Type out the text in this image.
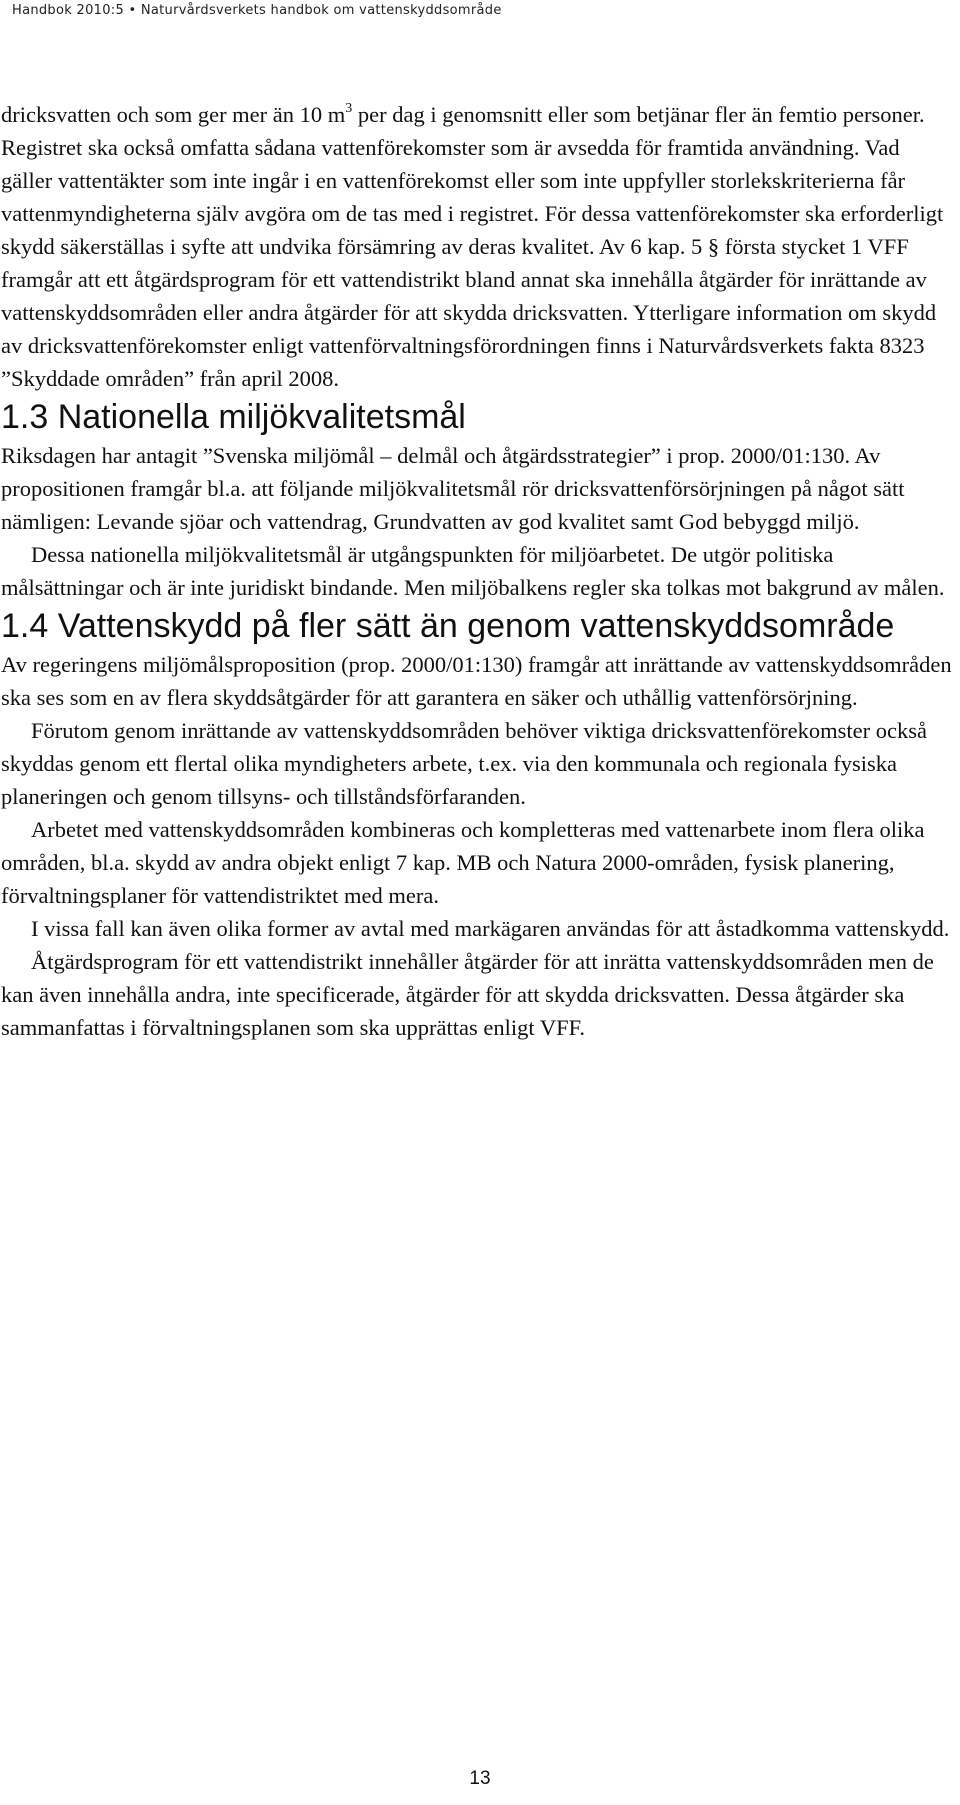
Handbok 2010:5 • Naturvårdsverkets handbok om vattenskyddsområde

dricksvatten och som ger mer än 10 $m^3$ per dag i genomsnitt eller som betjänar fler än femtio personer. Registret ska också omfatta sådana vattenförekomster som är avsedda för framtida användning. Vad gäller vattentäkter som inte ingår i en vattenförekomst eller som inte uppfyller storlekskriterierna får vattenmyndigheterna själv avgöra om de tas med i registret. För dessa vattenförekomster ska erforderligt skydd säkerställas i syfte att undvika försämring av deras kvalitet. Av 6 kap. 5 § första stycket 1 VFF framgår att ett åtgärdsprogram för ett vattendistrikt bland annat ska innehålla åtgärder för inrättande av vattenskyddsområden eller andra åtgärder för att skydda dricksvatten. Ytterligare information om skydd av dricksvattenförekomster enligt vattenförvaltningsförordningen finns i Naturvårdsverkets fakta 8323 ”Skyddade områden” från april 2008.

1.3 Nationella miljökvalitetsmål

Riksdagen har antagit ”Svenska miljömål – delmål och åtgärdsstrategier” i prop. 2000/01:130. Av propositionen framgår bl.a. att följande miljökvalitetsmål rör dricksvattenförsörjningen på något sätt nämligen: Levande sjöar och vattendrag, Grundvatten av god kvalitet samt God bebyggd miljö.

Dessa nationella miljökvalitetsmål är utgångspunkten för miljöarbetet. De utgör politiska målsättningar och är inte juridiskt bindande. Men miljöbalkens regler ska tolkas mot bakgrund av målen.

1.4 Vattenskydd på fler sätt än genom vattenskyddsområde

Av regeringens miljömålsproposition (prop. 2000/01:130) framgår att inrättande av vattenskyddsområden ska ses som en av flera skyddsåtgärder för att garantera en säker och uthållig vattenförsörjning.

Förutom genom inrättande av vattenskyddsområden behöver viktiga dricksvattenförekomster också skyddas genom ett flertal olika myndigheters arbete, t.ex. via den kommunala och regionala fysiska planeringen och genom tillsyns- och tillståndsförfaranden.

Arbetet med vattenskyddsområden kombineras och kompletteras med vattenarbete inom flera olika områden, bl.a. skydd av andra objekt enligt 7 kap. MB och Natura 2000-områden, fysisk planering, förvaltningsplaner för vattendistriktet med mera.

I vissa fall kan även olika former av avtal med markägaren användas för att åstadkomma vattenskydd.

Åtgärdsprogram för ett vattendistrikt innehåller åtgärder för att inrätta vattenskyddsområden men de kan även innehålla andra, inte specificerade, åtgärder för att skydda dricksvatten. Dessa åtgärder ska sammanfattas i förvaltningsplanen som ska upprättas enligt VFF.

13
